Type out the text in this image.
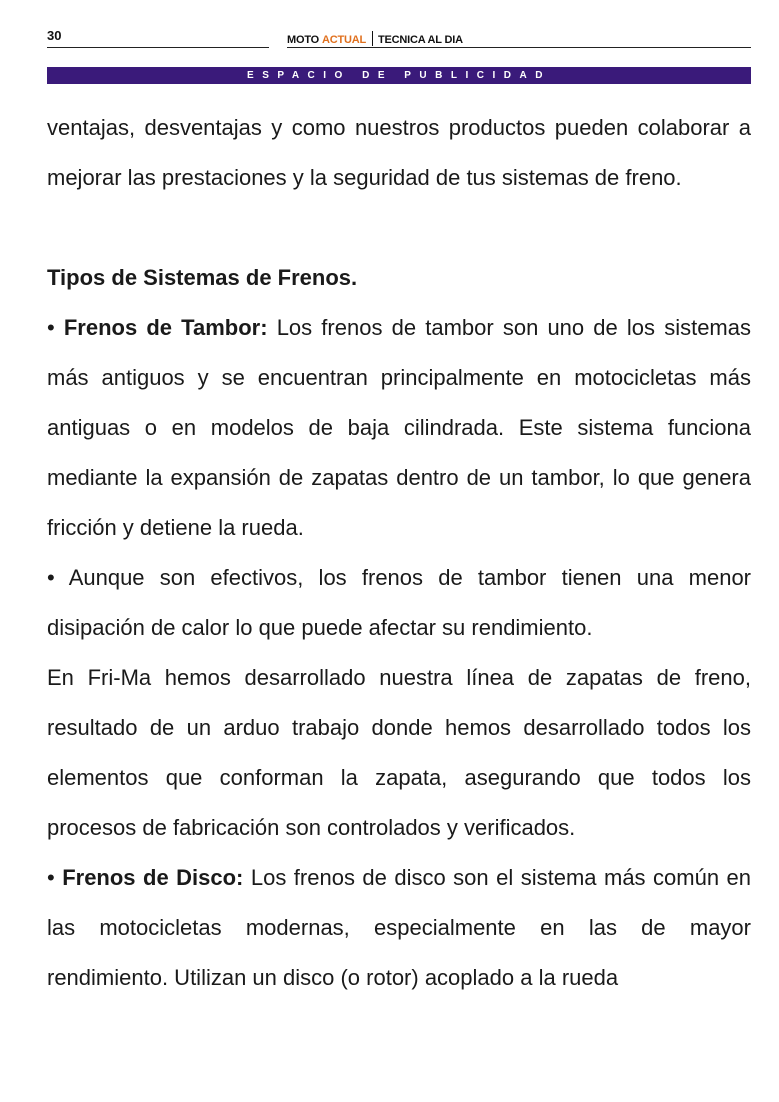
30	MOTO ACTUAL TECNICA AL DIA
ESPACIO DE PUBLICIDAD

ventajas, desventajas y como nuestros productos pueden colaborar a mejorar las prestaciones y la seguridad de tus sistemas de freno.

Tipos de Sistemas de Frenos.

• Frenos de Tambor: Los frenos de tambor son uno de los sistemas más antiguos y se encuentran principalmente en motocicletas más antiguas o en modelos de baja cilindrada. Este sistema funciona mediante la expansión de zapatas dentro de un tambor, lo que genera fricción y detiene la rueda.

• Aunque son efectivos, los frenos de tambor tienen una menor disipación de calor lo que puede afectar su rendimiento.

En Fri-Ma hemos desarrollado nuestra línea de zapatas de freno, resultado de un arduo trabajo donde hemos desarrollado todos los elementos que conforman la zapata, asegurando que todos los procesos de fabricación son controlados y verificados.

• Frenos de Disco: Los frenos de disco son el sistema más común en las motocicletas modernas, especialmente en las de mayor rendimiento. Utilizan un disco (o rotor) acoplado a la rueda
